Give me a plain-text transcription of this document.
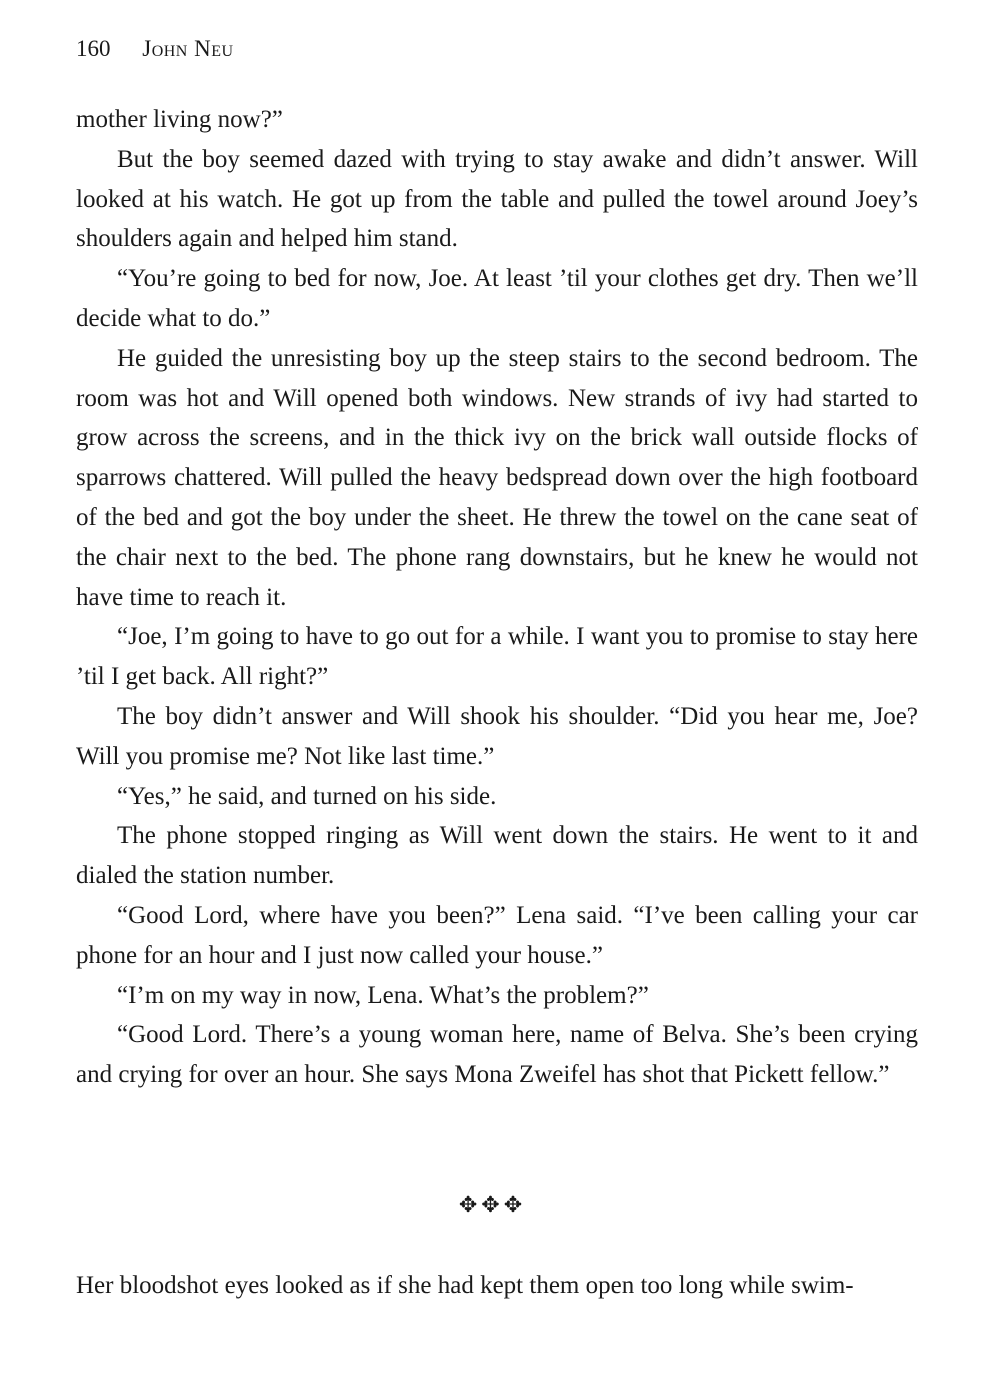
160 John Neu

mother living now?”

But the boy seemed dazed with trying to stay awake and didn’t answer. Will looked at his watch. He got up from the table and pulled the towel around Joey’s shoulders again and helped him stand.

“You’re going to bed for now, Joe. At least ’til your clothes get dry. Then we’ll decide what to do.”

He guided the unresisting boy up the steep stairs to the second bedroom. The room was hot and Will opened both windows. New strands of ivy had started to grow across the screens, and in the thick ivy on the brick wall outside flocks of sparrows chattered. Will pulled the heavy bedspread down over the high footboard of the bed and got the boy under the sheet. He threw the towel on the cane seat of the chair next to the bed. The phone rang downstairs, but he knew he would not have time to reach it.

“Joe, I’m going to have to go out for a while. I want you to promise to stay here ’til I get back. All right?”

The boy didn’t answer and Will shook his shoulder. “Did you hear me, Joe? Will you promise me? Not like last time.”

“Yes,” he said, and turned on his side.

The phone stopped ringing as Will went down the stairs. He went to it and dialed the station number.

“Good Lord, where have you been?” Lena said. “I’ve been calling your car phone for an hour and I just now called your house.”

“I’m on my way in now, Lena. What’s the problem?”

“Good Lord. There’s a young woman here, name of Belva. She’s been crying and crying for over an hour. She says Mona Zweifel has shot that Pickett fellow.”

✥✥✥
Her bloodshot eyes looked as if she had kept them open too long while swim-
